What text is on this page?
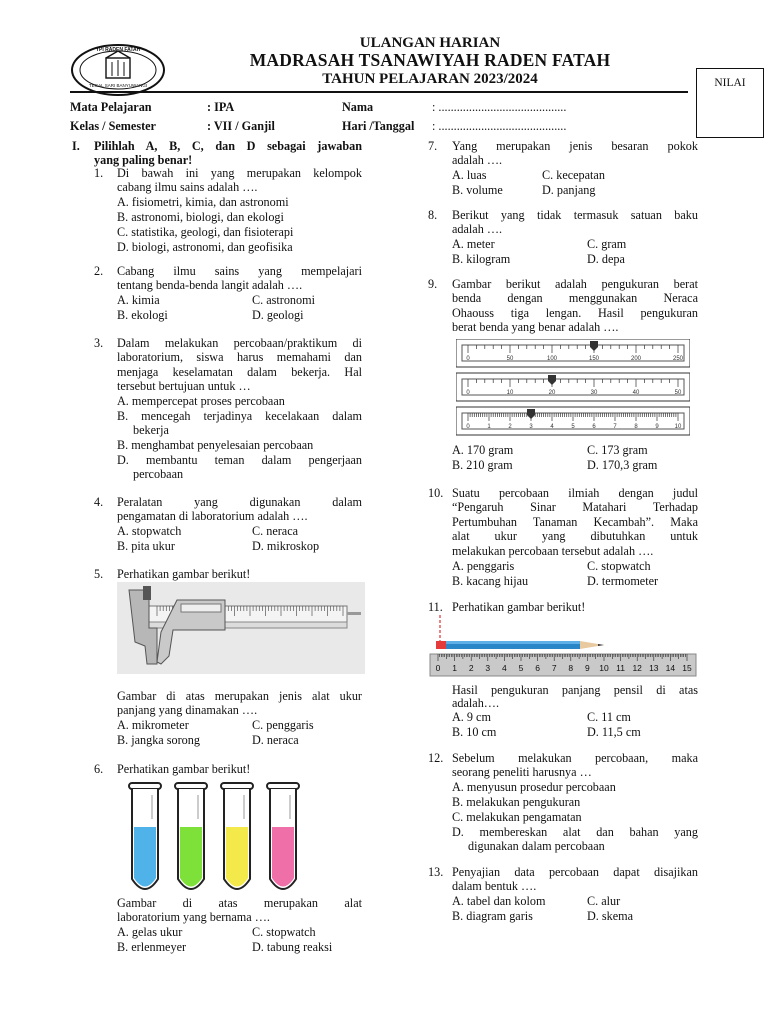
YPI RADEN FATAH
TEGAL SARI BANYUWANGI
ULANGAN HARIAN
MADRASAH TSANAWIYAH RADEN FATAH
TAHUN PELAJARAN 2023/2024	NILAI
Mata Pelajaran	: IPA	Nama	: ..........................................
Kelas / Semester	: VII / Ganjil	Hari /Tanggal : ..........................................
I. Pilihlah A, B, C, dan D sebagai jawaban
yang paling benar!
1. Di bawah ini yang merupakan kelompok
cabang ilmu sains adalah ….
A. fisiometri, kimia, dan astronomi
B. astronomi, biologi, dan ekologi
C. statistika, geologi, dan fisioterapi
D. biologi, astronomi, dan geofisika
2. Cabang ilmu sains yang mempelajari
tentang benda-benda langit adalah ….
A. kimia	C. astronomi
B. ekologi	D. geologi
3. Dalam melakukan percobaan/praktikum di
laboratorium, siswa harus memahami dan
menjaga keselamatan dalam bekerja. Hal
tersebut bertujuan untuk …
A. mempercepat proses percobaan
B. mencegah terjadinya kecelakaan dalam
bekerja
B. menghambat penyelesaian percobaan
D. membantu teman dalam pengerjaan
percobaan
4. Peralatan yang digunakan dalam
pengamatan di laboratorium adalah ….
A. stopwatch	C. neraca
B. pita ukur	D. mikroskop
5. Perhatikan gambar berikut!
Gambar di atas merupakan jenis alat ukur
panjang yang dinamakan ….
A. mikrometer	C. penggaris
B. jangka sorong	D. neraca
6. Perhatikan gambar berikut!
Gambar di atas merupakan alat
laboratorium yang bernama ….
A. gelas ukur	C. stopwatch
B. erlenmeyer	D. tabung reaksi
7. Yang merupakan jenis besaran pokok
adalah ….
A. luas	C. kecepatan
B. volume	D. panjang
8. Berikut yang tidak termasuk satuan baku
adalah ….
A. meter	C. gram
B. kilogram	D. depa
9. Gambar berikut adalah pengukuran berat
benda dengan menggunakan Neraca
Ohaouss tiga lengan. Hasil pengukuran
berat benda yang benar adalah ….
0	50	100	150	200	250
0	10	20	30	40	50
0	1	2	3	4	5	6	7	8	9	10
A. 170 gram	C. 173 gram
B. 210 gram	D. 170,3 gram
10. Suatu percobaan ilmiah dengan judul
“Pengaruh Sinar Matahari Terhadap
Pertumbuhan Tanaman Kecambah”. Maka
alat ukur yang dibutuhkan untuk
melakukan percobaan tersebut adalah ….
A. penggaris	C. stopwatch
B. kacang hijau	D. termometer
11. Perhatikan gambar berikut!
0 1 2 3 4 5 6 7 8 9 10 11 12 13 14 15
Hasil pengukuran panjang pensil di atas
adalah….
A. 9 cm	C. 11 cm
B. 10 cm	D. 11,5 cm
12. Sebelum melakukan percobaan, maka
seorang peneliti harusnya …
A. menyusun prosedur percobaan
B. melakukan pengukuran
C. melakukan pengamatan
D. membereskan alat dan bahan yang
digunakan dalam percobaan
13. Penyajian data percobaan dapat disajikan
dalam bentuk ….
A. tabel dan kolom	C. alur
B. diagram garis	D. skema
